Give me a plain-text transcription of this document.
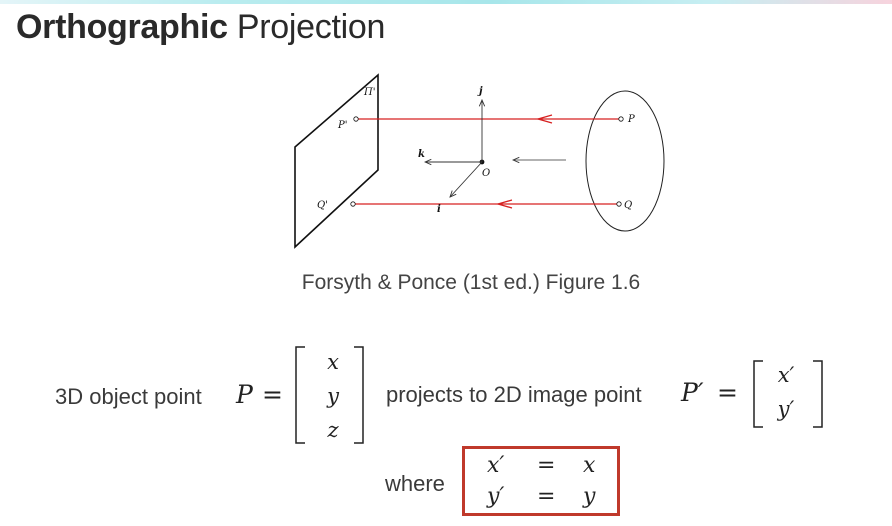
Orthographic Projection
Π'
P'
Q'
j
k
i
O
P
Q
Forsyth & Ponce (1st ed.) Figure 1.6
3D object point P =
x
y
z
projects to 2D image point P′ =
x′
y′
where
x′ = x
y′ = y
